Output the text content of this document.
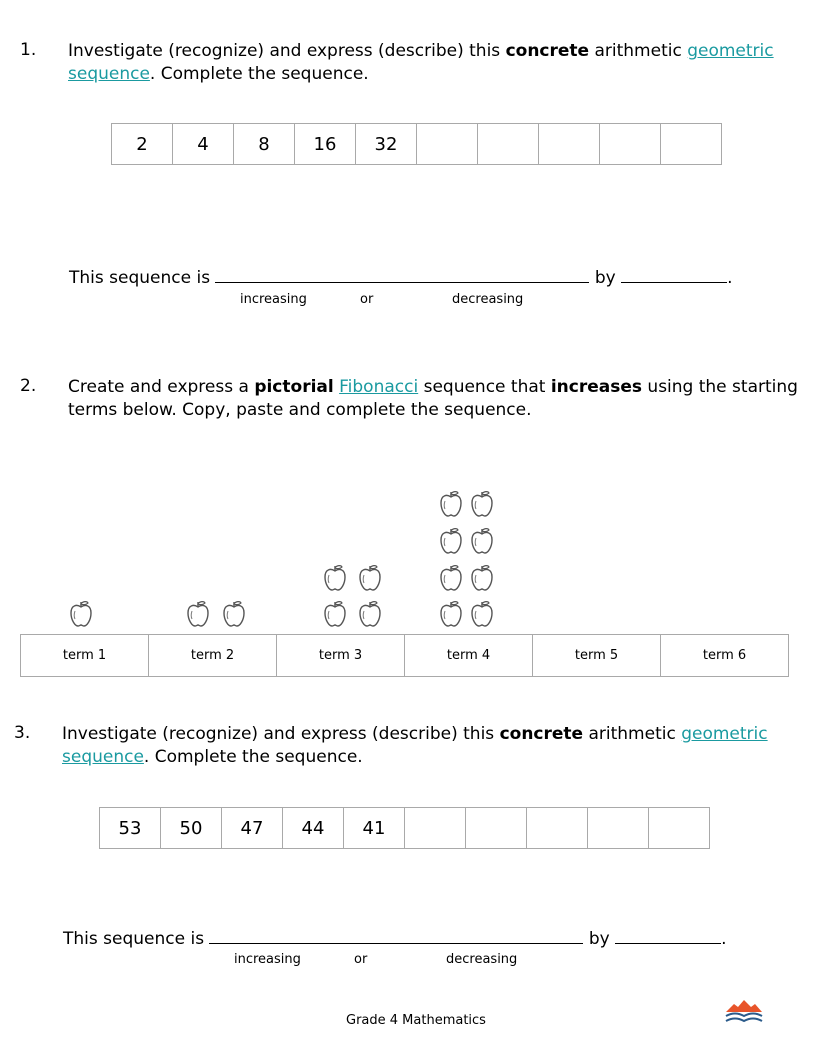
1. Investigate (recognize) and express (describe) this concrete arithmetic geometric
sequence. Complete the sequence.
2	4	8	16	32					
This sequence is	by	.
increasing	or	decreasing
2. Create and express a pictorial Fibonacci sequence that increases using the starting
terms below. Copy, paste and complete the sequence.
term 1	term 2	term 3	term 4	term 5	term 6
3. Investigate (recognize) and express (describe) this concrete arithmetic geometric
sequence. Complete the sequence.
53	50	47	44	41					
This sequence is	by	.
increasing	or	decreasing
Grade 4 Mathematics
